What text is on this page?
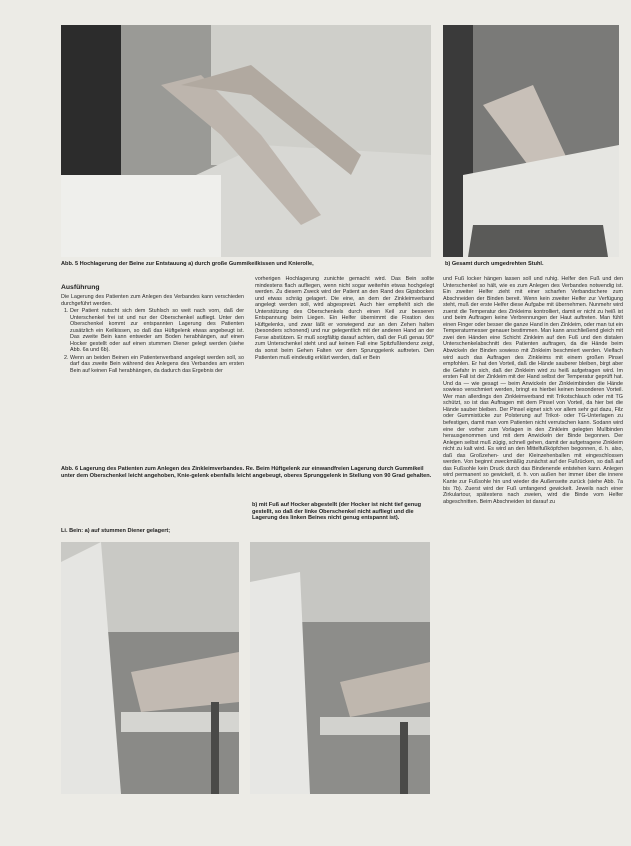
Abb. 5 Hochlagerung der Beine zur Entstauung a) durch große Gummikeilkissen und Knierolle,	b) Gesamt durch umgedrehten Stuhl.
Ausführung

Die Lagerung des Patienten zum Anlegen des Verbandes kann verschieden durchgeführt werden.

1. Der Patient nutscht sich dem Stuhlsch so weit nach vorn, daß der Unterschenkel frei ist und nur der Oberschenkel aufliegt. Unter den Oberschenkel kommt zur entspannten Lagerung des Patienten zusätzlich ein Keilkissen, so daß das Hüftgelenk etwas angebeugt ist. Das zweite Bein kann entweder am Boden herabhängen, auf einen Hocker gestellt oder auf einen stummen Diener gelegt werden (siehe Abb. 6a und 6b).
2. Wenn an beiden Beinen ein Patientenverband angelegt werden soll, so darf das zweite Bein während des Anlegens des Verbandes am ersten Bein auf keinen Fall herabhängen, da dadurch das Ergebnis der
vorherigen Hochlagerung zunichte gemacht wird. Das Bein sollte mindestens flach aufliegen, wenn nicht sogar weiterhin etwas hochgelegt werden. Zu diesem Zweck wird der Patient an den Rand des Gipsbockes und etwas schräg gelagert. Die eine, an dem der Zinkleimverband angelegt werden soll, wird abgespreizt. Auch hier empfiehlt sich die Unterstützung des Oberschenkels durch einen Keil zur besseren Entspannung beim Liegen. Ein Helfer übernimmt die Fixation des Hüftgelenks, und zwar läßt er vorwiegend zur an den Zehen halten (besonders schonend) und nur gelegentlich mit der anderen Hand an der Ferse abstützen. Er muß sorgfältig darauf achten, daß der Fuß genau 90° zum Unterschenkel steht und auf keinen Fall eine Spitzfußtendenz zeigt, da sonst beim Gehen Falten vor dem Sprunggelenk auftreten. Den Patienten muß eindeutig erklärt werden, daß er Bein
und Fuß locker hängen lassen soll und ruhig. Helfer den Fuß und den Unterschenkel so hält, wie es zum Anlegen des Verbandes notwendig ist. Ein zweiter Helfer zieht mit einer scharfen Verbandschere zum Abschneiden der Binden bereit. Wenn kein zweiter Helfer zur Verfügung steht, muß der erste Helfer diese Aufgabe mit übernehmen. Nunmehr wird zuerst die Temperatur des Zinkleims kontrolliert, damit er nicht zu heiß ist und beim Auftragen keine Verbrennungen der Haut auftreten. Man fühlt einen Finger oder besser die ganze Hand in den Zinkleim, oder man tut ein Temperaturmesser genauer bestimmen. Man kann anschließend gleich mit zwei den Händen eine Schicht Zinkleim auf den Fuß und den distalen Unterschenkelabschnitt des Patienten auftragen, da die Hände beim Abwickeln der Binden sowieso mit Zinkleim beschmiert werden. Vielfach wird auch das Auftragen des Zinkleims mit einem großen Pinsel empfohlen. Er hat den Vorteil, daß die Hände sauberer bleiben, birgt aber die Gefahr in sich, daß der Zinkleim wird zu heiß aufgetragen wird. Im ersten Fall ist der Zinkleim mit der Hand selbst der Temperatur geprüft hat. Und da — wie gesagt — beim Anwickeln der Zinkleimbinden die Hände sowieso verschmiert werden, bringt es hierbei keinen besonderen Vorteil. Wer man allerdings den Zinkleimverband mit Trikotschlauch oder mit TG schützt, so ist das Auftragen mit dem Pinsel von Vorteil, da hier bei die Hände sauber bleiben. Der Pinsel eignet sich vor allem sehr gut dazu, Filz oder Gummistücke zur Polsterung auf Trikot- oder TG-Unterlagen zu befestigen, damit man vom Patienten nicht verrutschen kann. Sodann wird eine der vorher zum Vorlagen in den Zinkleim gelegten Mullbinden herausgenommen und mit dem Anwickeln der Binde begonnen. Der Anlegen selbst muß zügig, schnell gehen, damit der aufgetragene Zinkleim nicht zu kalt wird. Es wird an den Mittelfußköpfchen begonnen, d. h. also, daß das Großzehen- und der Kleinzehenballen mit eingeschlossen werden. Von beginnt zweckmäßig zunächst auf der Fußrücken, so daß auf das Fußsohle kein Druck durch das Bindenende entstehen kann. Anlegen wird permanent so gewickelt, d. h. von außen her immer über die innere Kante zur Fußsohle hin und wieder die Außenseite zurück (siehe Abb. 7a bis 7b). Zuerst wird der Fuß umfangend gewickelt. Jeweils nach einer Zirkulartour, spätestens nach zweien, wird die Binde vom Helfer abgeschnitten. Beim Abschneiden ist darauf zu
Abb. 6 Lagerung des Patienten zum Anlegen des Zinkleimverbandes. Re. Beim Hüftgelenk zur einwandfreien Lagerung durch Gummikeil unter dem Oberschenkel leicht angehoben, Knie-gelenk ebenfalls leicht angebeugt, oberes Sprunggelenk in Stellung von 90 Grad gehalten.
b) mit Fuß auf Hocker abgestellt (der Hocker ist nicht tief genug gestellt, so daß der linke Oberschenkel nicht aufliegt und die Lagerung des linken Beines nicht genug entspannt ist).
Li. Bein: a) auf stummen Diener gelagert;
